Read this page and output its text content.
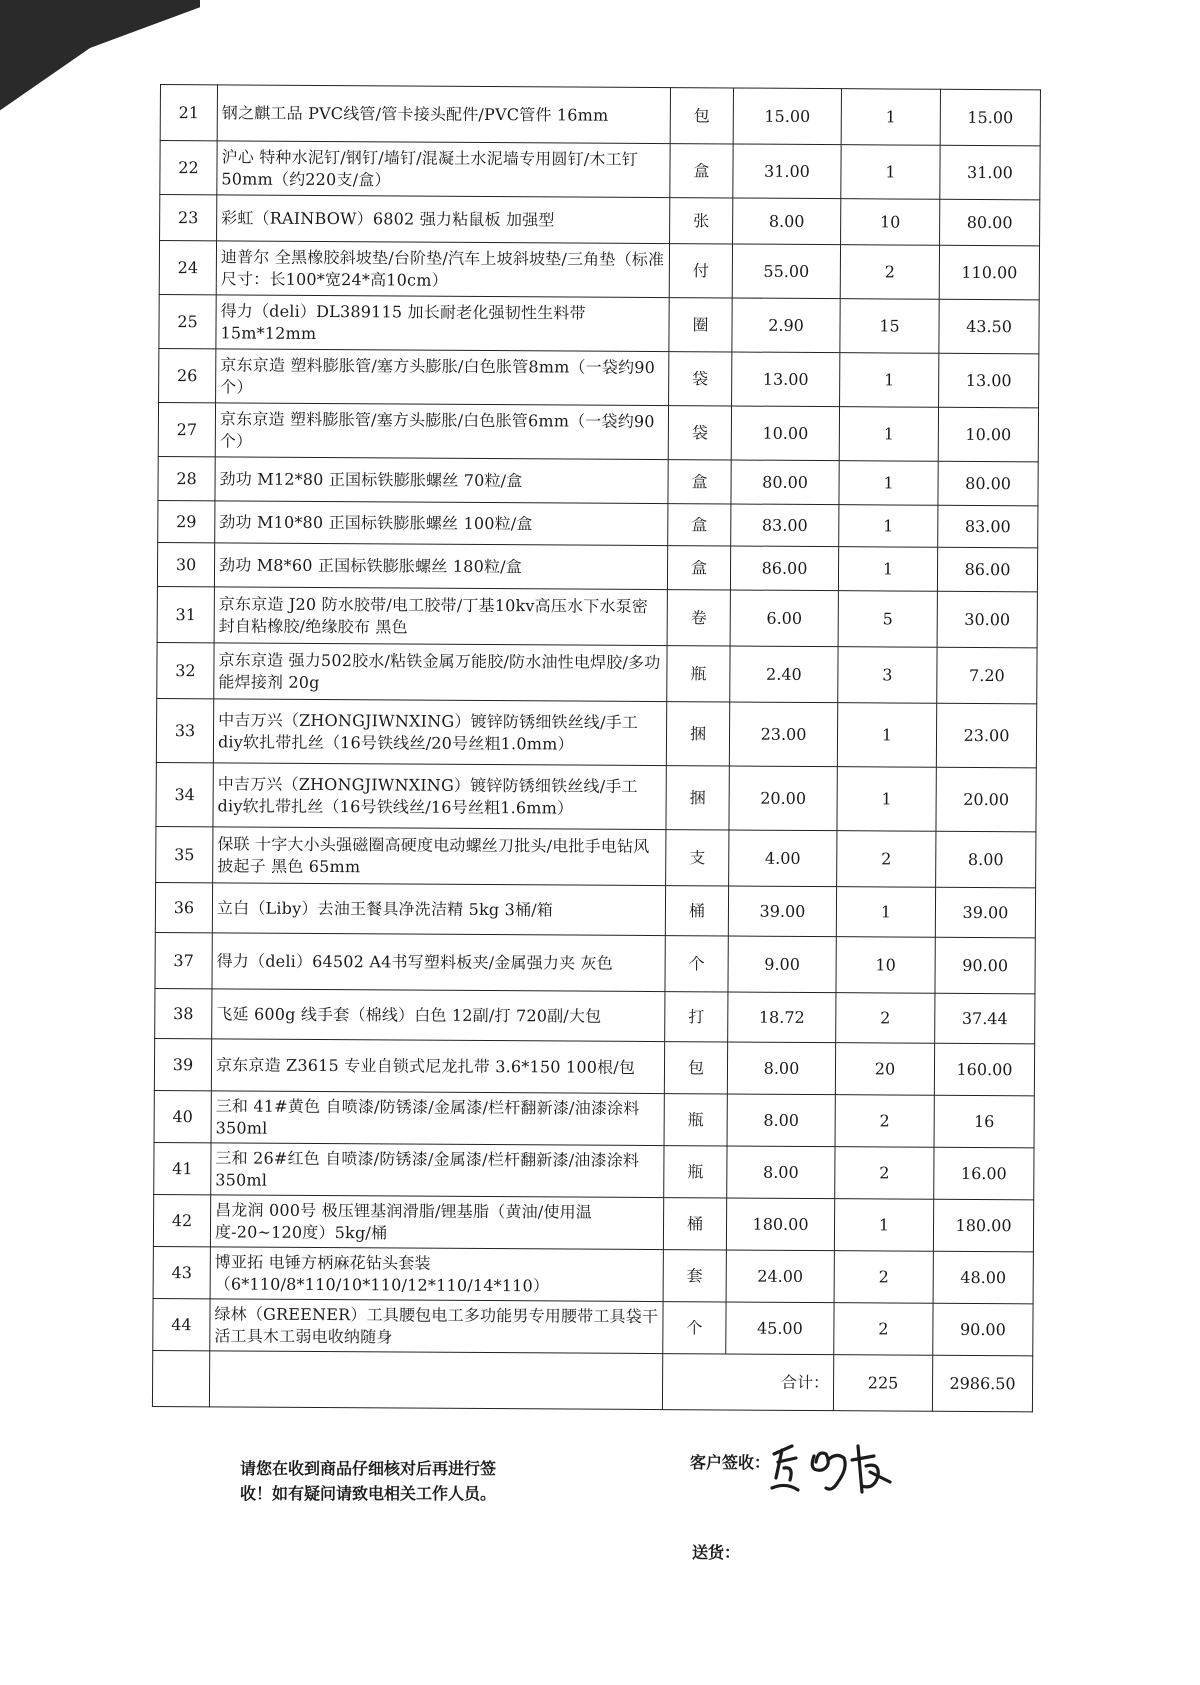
21	钢之麒工品 PVC线管/管卡接头配件/PVC管件 16mm	包	15.00	1	15.00
22	沪心 特种水泥钉/钢钉/墙钉/混凝土水泥墙专用圆钉/木工钉 50mm（约220支/盒）	盒	31.00	1	31.00
23	彩虹（RAINBOW）6802 强力粘鼠板 加强型	张	8.00	10	80.00
24	迪普尔 全黑橡胶斜坡垫/台阶垫/汽车上坡斜坡垫/三角垫（标准尺寸：长100*宽24*高10cm）	付	55.00	2	110.00
25	得力（deli）DL389115 加长耐老化强韧性生料带 15m*12mm	圈	2.90	15	43.50
26	京东京造 塑料膨胀管/塞方头膨胀/白色胀管8mm（一袋约90个）	袋	13.00	1	13.00
27	京东京造 塑料膨胀管/塞方头膨胀/白色胀管6mm（一袋约90个）	袋	10.00	1	10.00
28	劲功 M12*80 正国标铁膨胀螺丝 70粒/盒	盒	80.00	1	80.00
29	劲功 M10*80 正国标铁膨胀螺丝 100粒/盒	盒	83.00	1	83.00
30	劲功 M8*60 正国标铁膨胀螺丝 180粒/盒	盒	86.00	1	86.00
31	京东京造 J20 防水胶带/电工胶带/丁基10kv高压水下水泵密封自粘橡胶/绝缘胶布 黑色	卷	6.00	5	30.00
32	京东京造 强力502胶水/粘铁金属万能胶/防水油性电焊胶/多功能焊接剂 20g	瓶	2.40	3	7.20
33	中吉万兴（ZHONGJIWNXING）镀锌防锈细铁丝线/手工diy软扎带扎丝（16号铁线丝/20号丝粗1.0mm）	捆	23.00	1	23.00
34	中吉万兴（ZHONGJIWNXING）镀锌防锈细铁丝线/手工diy软扎带扎丝（16号铁线丝/16号丝粗1.6mm）	捆	20.00	1	20.00
35	保联 十字大小头强磁圈高硬度电动螺丝刀批头/电批手电钻风披起子 黑色 65mm	支	4.00	2	8.00
36	立白（Liby）去油王餐具净洗洁精 5kg 3桶/箱	桶	39.00	1	39.00
37	得力（deli）64502 A4书写塑料板夹/金属强力夹 灰色	个	9.00	10	90.00
38	飞延 600g 线手套（棉线）白色 12副/打 720副/大包	打	18.72	2	37.44
39	京东京造 Z3615 专业自锁式尼龙扎带 3.6*150 100根/包	包	8.00	20	160.00
40	三和 41#黄色 自喷漆/防锈漆/金属漆/栏杆翻新漆/油漆涂料 350ml	瓶	8.00	2	16
41	三和 26#红色 自喷漆/防锈漆/金属漆/栏杆翻新漆/油漆涂料 350ml	瓶	8.00	2	16.00
42	昌龙润 000号 极压锂基润滑脂/锂基脂（黄油/使用温度-20~120度）5kg/桶	桶	180.00	1	180.00
43	博亚拓 电锤方柄麻花钻头套装（6*110/8*110/10*110/12*110/14*110）	套	24.00	2	48.00
44	绿林（GREENER）工具腰包电工多功能男专用腰带工具袋干活工具木工弱电收纳随身	个	45.00	2	90.00
		合计：		225	2986.50
请您在收到商品仔细核对后再进行签
收！如有疑问请致电相关工作人员。
客户签收：
送货：
